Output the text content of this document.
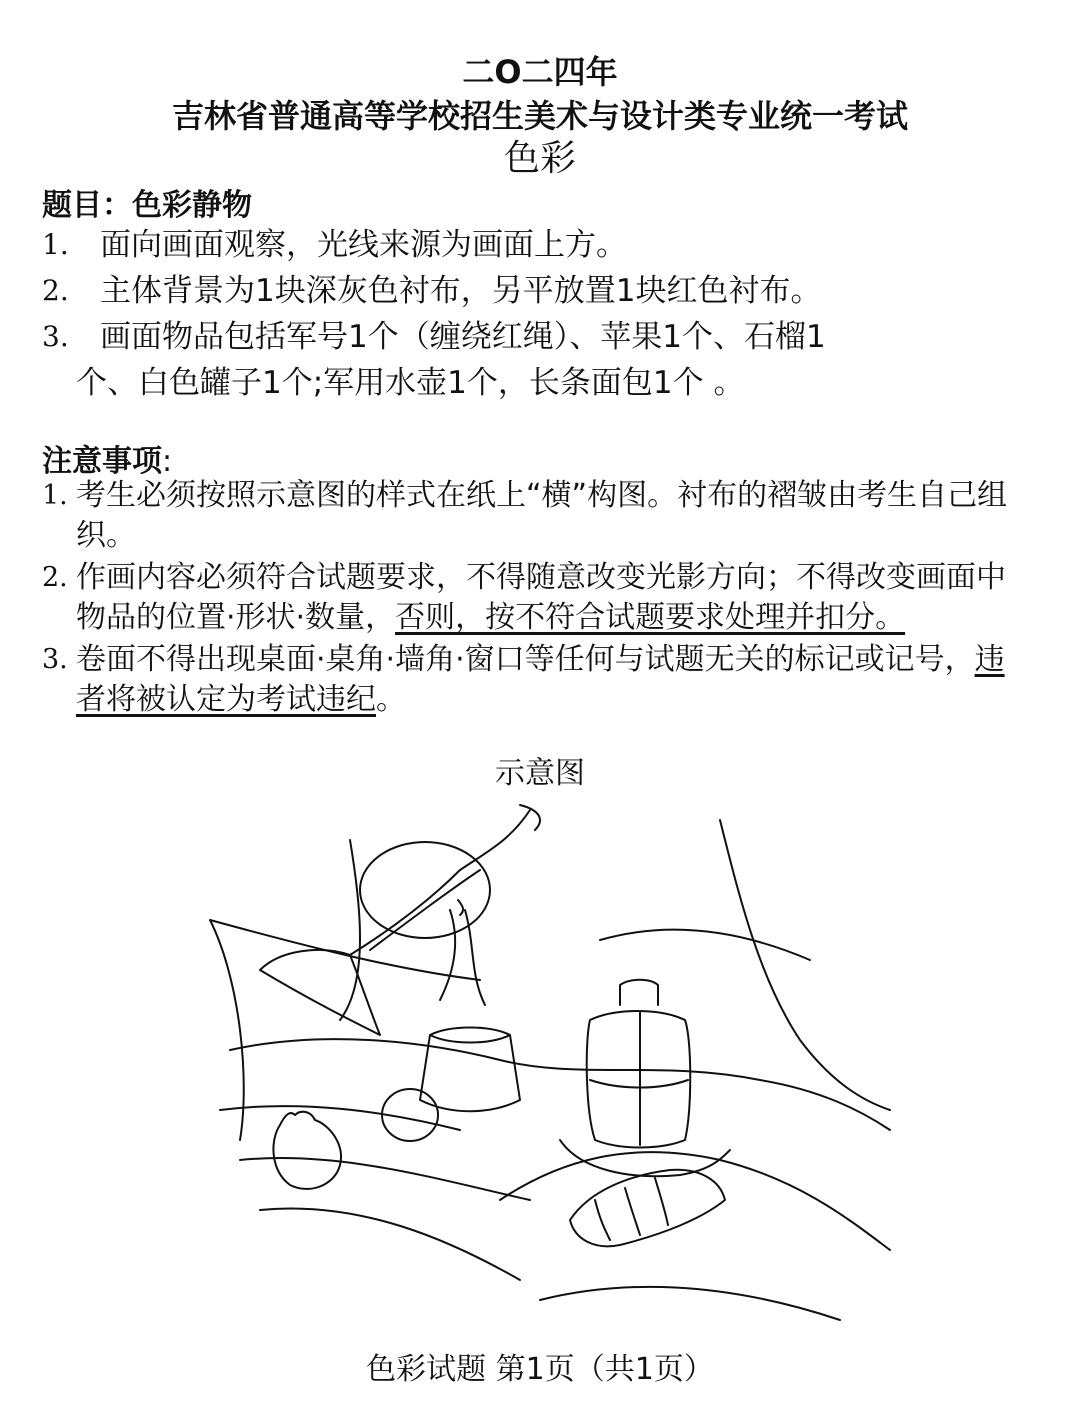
二O二四年
吉林省普通高等学校招生美术与设计类专业统一考试
色彩
题目：色彩静物
1. 面向画面观察，光线来源为画面上方。
2. 主体背景为1块深灰色衬布，另平放置1块红色衬布。
3. 画面物品包括军号1个（缠绕红绳）、苹果1个、石榴1
个、白色罐子1个;军用水壶1个，长条面包1个 。
注意事项:
1. 考生必须按照示意图的样式在纸上“横”构图。衬布的褶皱由考生自己组织。
2. 作画内容必须符合试题要求，不得随意改变光影方向；不得改变画面中物品的位置·形状·数量，否则，按不符合试题要求处理并扣分。
3. 卷面不得出现桌面·桌角·墙角·窗口等任何与试题无关的标记或记号，违者将被认定为考试违纪。
示意图
色彩试题 第1页（共1页）
